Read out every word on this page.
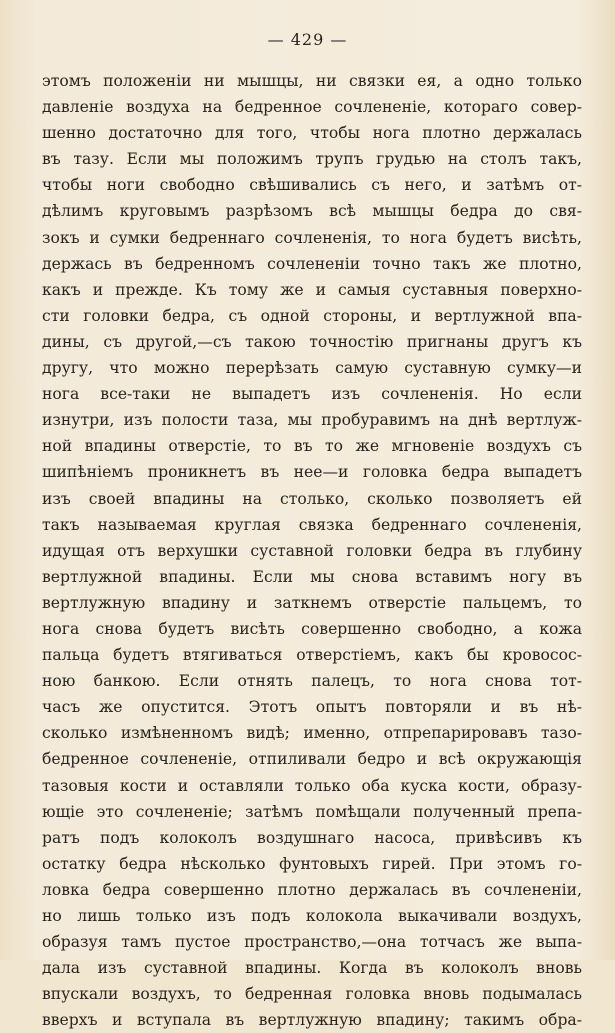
— 429 —
этомъ положеніи ни мышцы, ни связки ея, а одно только
давленіе воздуха на бедренное сочлененіе, котораго совер-
шенно достаточно для того, чтобы нога плотно держалась
въ тазу. Если мы положимъ трупъ грудью на столъ такъ,
чтобы ноги свободно свѣшивались съ него, и затѣмъ от-
дѣлимъ круговымъ разрѣзомъ всѣ мышцы бедра до свя-
зокъ и сумки бедреннаго сочлененія, то нога будетъ висѣть,
держась въ бедренномъ сочлененіи точно такъ же плотно,
какъ и прежде. Къ тому же и самыя суставныя поверхно-
сти головки бедра, съ одной стороны, и вертлужной впа-
дины, съ другой,—съ такою точностію пригнаны другъ къ
другу, что можно перерѣзать самую суставную сумку—и
нога все-таки не выпадетъ изъ сочлененія. Но если
изнутри, изъ полости таза, мы пробуравимъ на днѣ вертлуж-
ной впадины отверстіе, то въ то же мгновеніе воздухъ съ
шипѣніемъ проникнетъ въ нее—и головка бедра выпадетъ
изъ своей впадины на столько, сколько позволяетъ ей
такъ называемая круглая связка бедреннаго сочлененія,
идущая отъ верхушки суставной головки бедра въ глубину
вертлужной впадины. Если мы снова вставимъ ногу въ
вертлужную впадину и заткнемъ отверстіе пальцемъ, то
нога снова будетъ висѣть совершенно свободно, а кожа
пальца будетъ втягиваться отверстіемъ, какъ бы кровосос-
ною банкою. Если отнять палецъ, то нога снова тот-
часъ же опустится. Этотъ опытъ повторяли и въ нѣ-
сколько измѣненномъ видѣ; именно, отпрепарировавъ тазо-
бедренное сочлененіе, отпиливали бедро и всѣ окружающія
тазовыя кости и оставляли только оба куска кости, образу-
ющіе это сочлененіе; затѣмъ помѣщали полученный препа-
ратъ подъ колоколъ воздушнаго насоса, привѣсивъ къ
остатку бедра нѣсколько фунтовыхъ гирей. При этомъ го-
ловка бедра совершенно плотно держалась въ сочлененіи,
но лишь только изъ подъ колокола выкачивали воздухъ,
образуя тамъ пустое пространство,—она тотчасъ же выпа-
дала изъ суставной впадины. Когда въ колоколъ вновь
впускали воздухъ, то бедренная головка вновь подымалась
вверхъ и вступала въ вертлужную впадину; такимъ обра-
